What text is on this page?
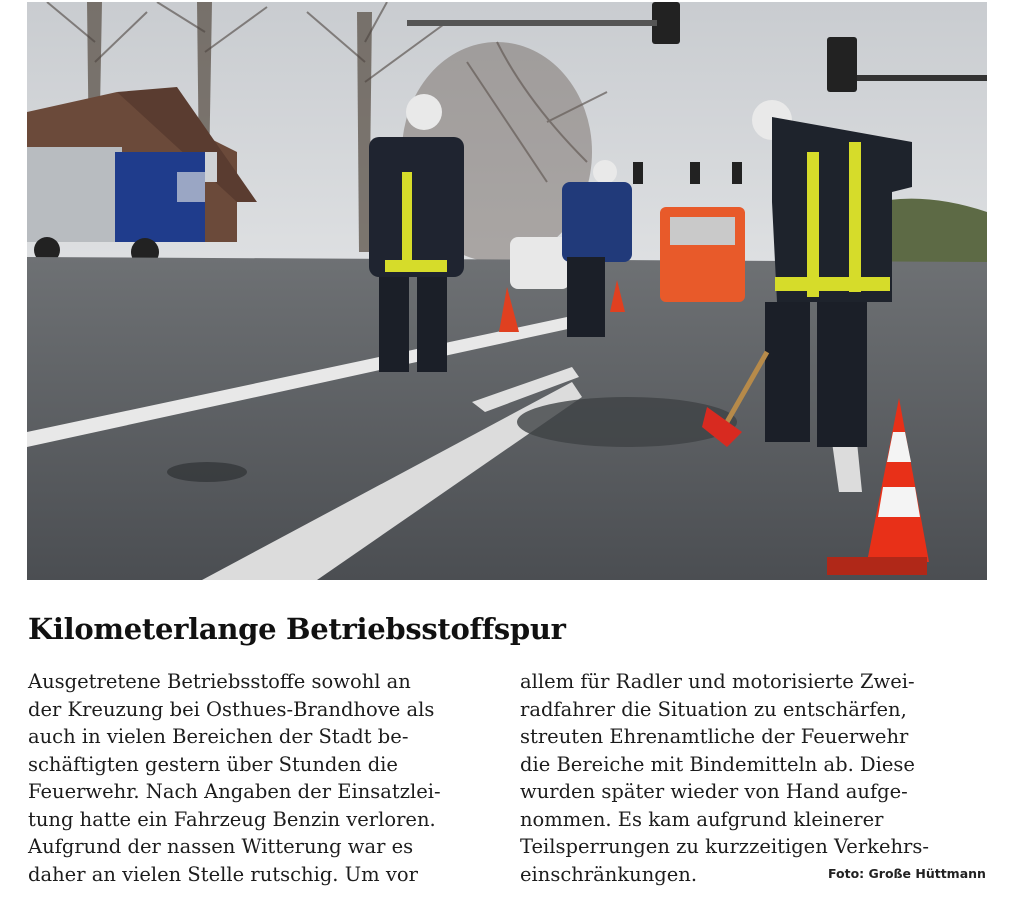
Kilometerlange Betriebsstoffspur
Ausgetretene Betriebsstoffe sowohl an
der Kreuzung bei Osthues-Brandhove als
auch in vielen Bereichen der Stadt be-
schäftigten gestern über Stunden die
Feuerwehr. Nach Angaben der Einsatzlei-
tung hatte ein Fahrzeug Benzin verloren.
Aufgrund der nassen Witterung war es
daher an vielen Stelle rutschig. Um vor
allem für Radler und motorisierte Zwei-
radfahrer die Situation zu entschärfen,
streuten Ehrenamtliche der Feuerwehr
die Bereiche mit Bindemitteln ab. Diese
wurden später wieder von Hand aufge-
nommen. Es kam aufgrund kleinerer
Teilsperrungen zu kurzzeitigen Verkehrs-
einschränkungen.	Foto: Große Hüttmann
